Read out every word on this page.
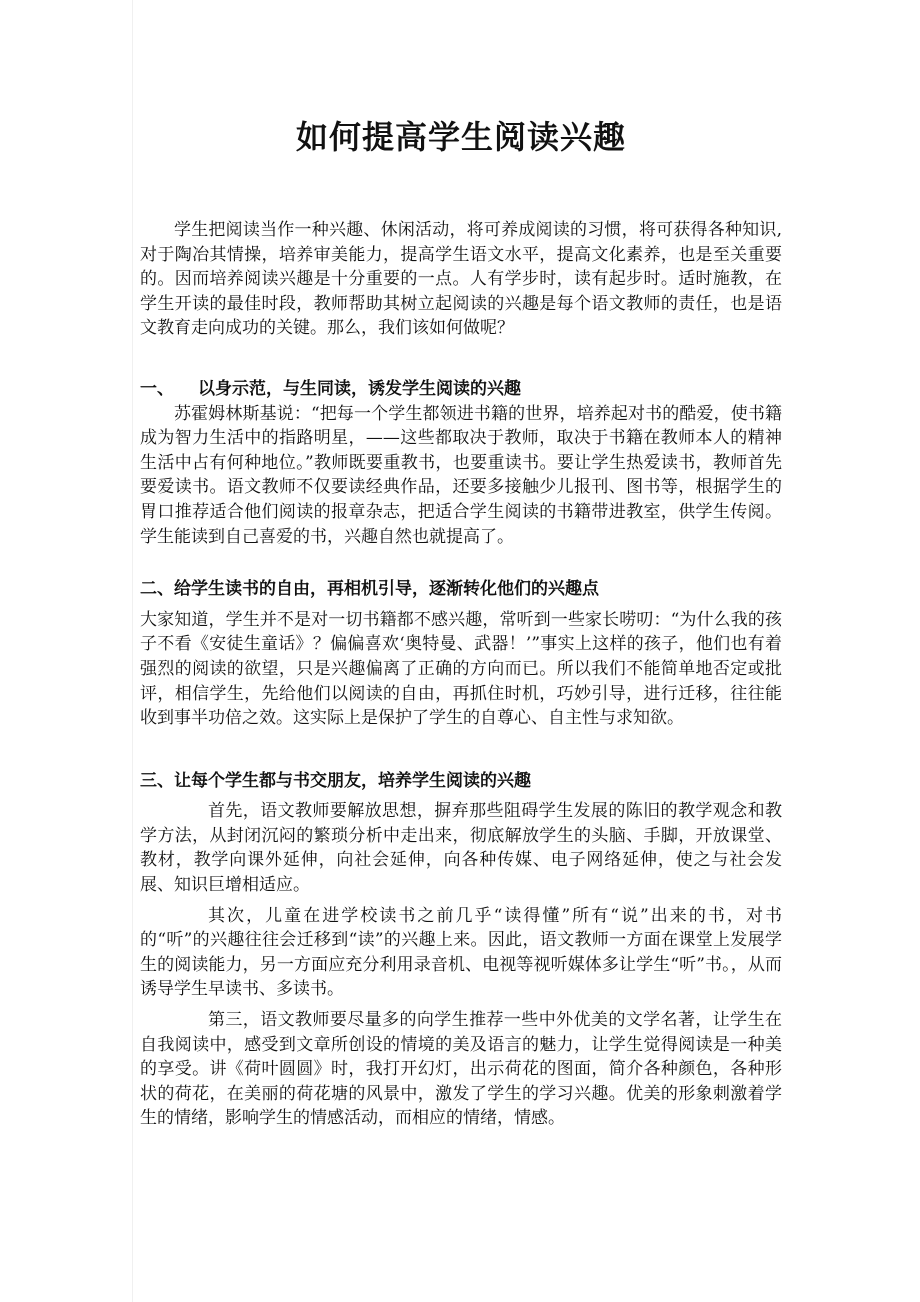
如何提高学生阅读兴趣

学生把阅读当作一种兴趣、休闲活动，将可养成阅读的习惯，将可获得各种知识, 对于陶冶其情操，培养审美能力，提高学生语文水平，提高文化素养，也是至关重要的。因而培养阅读兴趣是十分重要的一点。人有学步时，读有起步时。适时施教，在学生开读的最佳时段，教师帮助其树立起阅读的兴趣是每个语文教师的责任，也是语文教育走向成功的关键。那么，我们该如何做呢？

一、 以身示范，与生同读，诱发学生阅读的兴趣

苏霍姆林斯基说：“把每一个学生都领进书籍的世界，培养起对书的酷爱，使书籍成为智力生活中的指路明星，——这些都取决于教师，取决于书籍在教师本人的精神生活中占有何种地位。”教师既要重教书，也要重读书。要让学生热爱读书，教师首先要爱读书。语文教师不仅要读经典作品，还要多接触少儿报刊、图书等，根据学生的胃口推荐适合他们阅读的报章杂志，把适合学生阅读的书籍带进教室，供学生传阅。学生能读到自己喜爱的书，兴趣自然也就提高了。

二、给学生读书的自由，再相机引导，逐渐转化他们的兴趣点

大家知道，学生并不是对一切书籍都不感兴趣，常听到一些家长唠叨：“为什么我的孩子不看《安徒生童话》？偏偏喜欢‘奥特曼、武器！’”事实上这样的孩子，他们也有着强烈的阅读的欲望，只是兴趣偏离了正确的方向而已。所以我们不能简单地否定或批评，相信学生，先给他们以阅读的自由，再抓住时机，巧妙引导，进行迁移，往往能收到事半功倍之效。这实际上是保护了学生的自尊心、自主性与求知欲。

三、让每个学生都与书交朋友，培养学生阅读的兴趣

首先，语文教师要解放思想，摒弃那些阻碍学生发展的陈旧的教学观念和教学方法，从封闭沉闷的繁琐分析中走出来，彻底解放学生的头脑、手脚，开放课堂、教材，教学向课外延伸，向社会延伸，向各种传媒、电子网络延伸，使之与社会发展、知识巨增相适应。

其次，儿童在进学校读书之前几乎“读得懂”所有“说”出来的书，对书的“听”的兴趣往往会迁移到“读”的兴趣上来。因此，语文教师一方面在课堂上发展学生的阅读能力，另一方面应充分利用录音机、电视等视听媒体多让学生“听”书。，从而诱导学生早读书、多读书。

第三，语文教师要尽量多的向学生推荐一些中外优美的文学名著，让学生在自我阅读中，感受到文章所创设的情境的美及语言的魅力，让学生觉得阅读是一种美的享受。讲《荷叶圆圆》时，我打开幻灯，出示荷花的图面，简介各种颜色，各种形状的荷花，在美丽的荷花塘的风景中，激发了学生的学习兴趣。优美的形象刺激着学生的情绪，影响学生的情感活动，而相应的情绪，情感。
